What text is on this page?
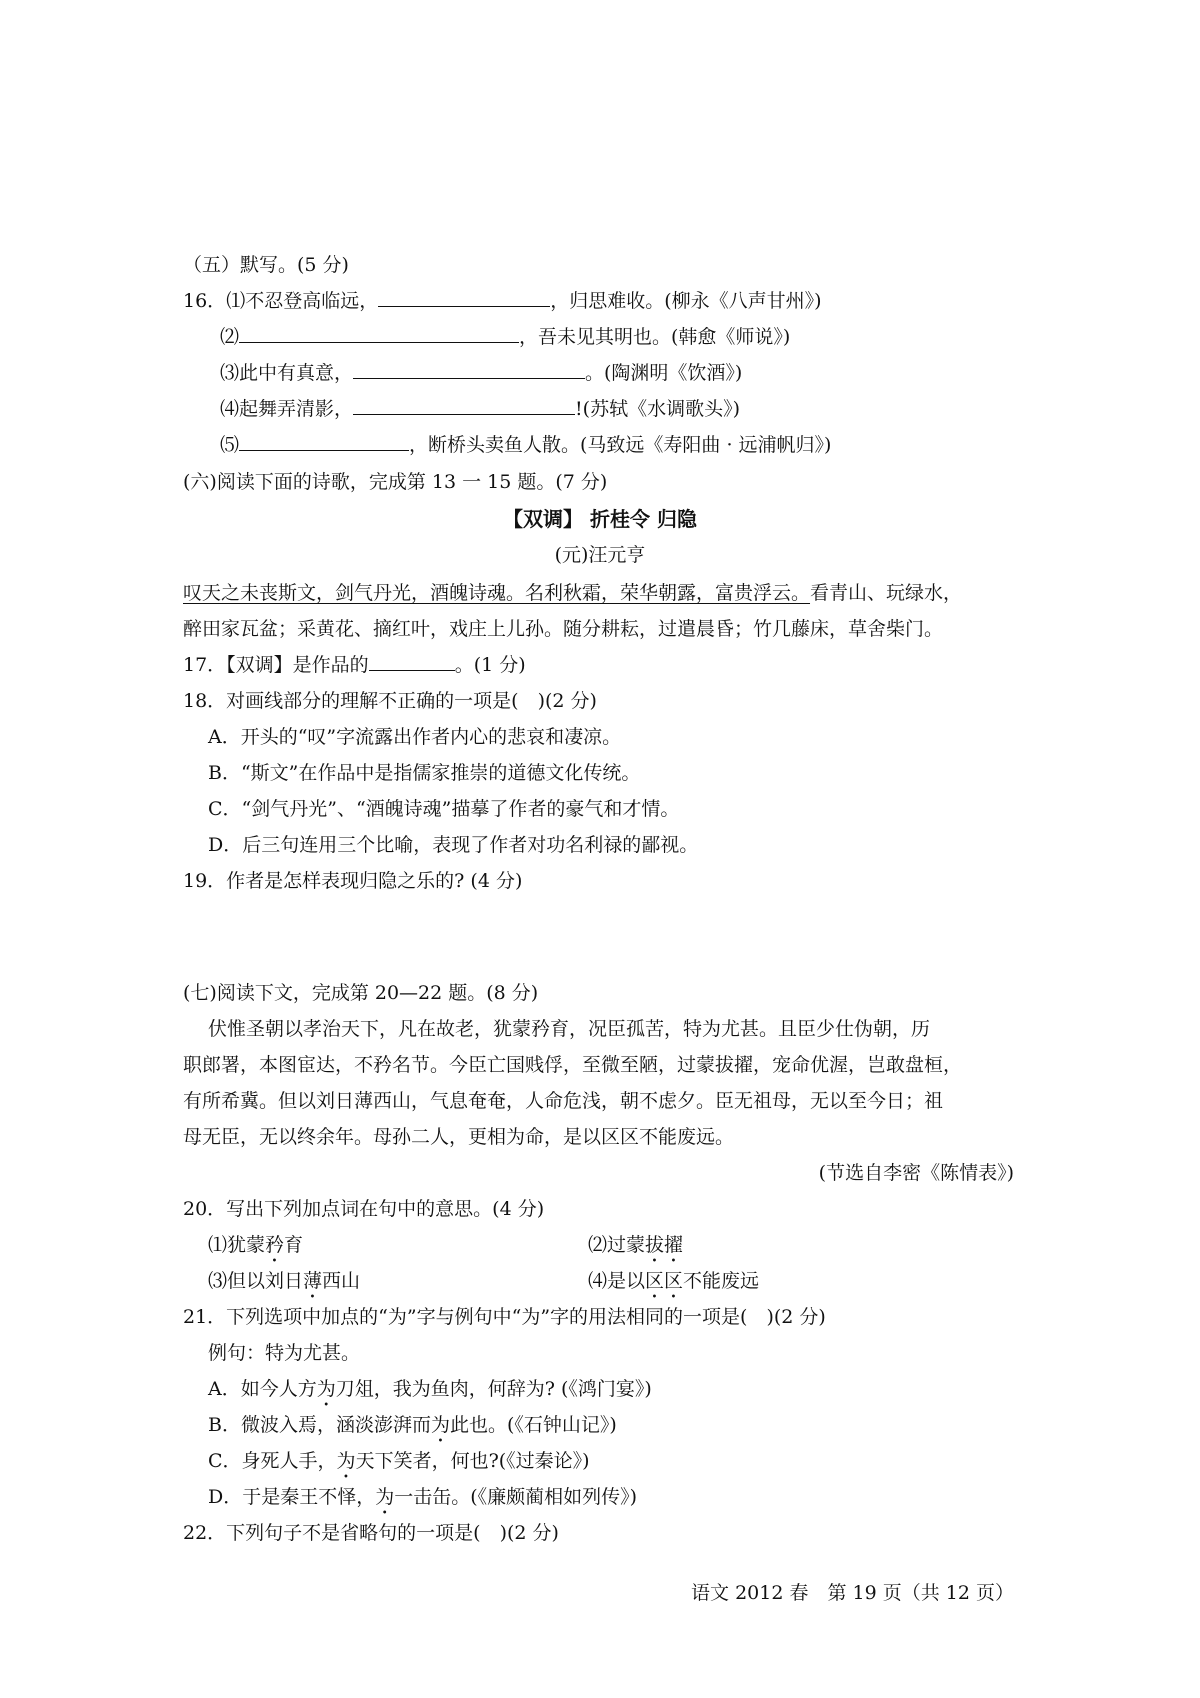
（五）默写。(5 分)
16．⑴不忍登高临远，	，归思难收。(柳永《八声甘州》)
⑵	，吾未见其明也。(韩愈《师说》)
⑶此中有真意，	。(陶渊明《饮酒》)
⑷起舞弄清影，	!(苏轼《水调歌头》)
⑸	，断桥头卖鱼人散。(马致远《寿阳曲 · 远浦帆归》)
(六)阅读下面的诗歌，完成第 13 一 15 题。(7 分)
【双调】 折桂令 归隐
(元)汪元亨
叹天之未丧斯文，剑气丹光，酒魄诗魂。名利秋霜，荣华朝露，富贵浮云。看青山、玩绿水，
醉田家瓦盆；采黄花、摘红叶，戏庄上儿孙。随分耕耘，过遣晨昏；竹几藤床，草舍柴门。
17．【双调】是作品的	。(1 分)
18．对画线部分的理解不正确的一项是(　)(2 分)
A．开头的“叹”字流露出作者内心的悲哀和凄凉。
B．“斯文”在作品中是指儒家推崇的道德文化传统。
C．“剑气丹光”、“酒魄诗魂”描摹了作者的豪气和才情。
D．后三句连用三个比喻，表现了作者对功名利禄的鄙视。
19．作者是怎样表现归隐之乐的? (4 分)
(七)阅读下文，完成第 20—22 题。(8 分)
伏惟圣朝以孝治天下，凡在故老，犹蒙矜育，况臣孤苦，特为尤甚。且臣少仕伪朝，历
职郎署，本图宦达，不矜名节。今臣亡国贱俘，至微至陋，过蒙拔擢，宠命优渥，岂敢盘桓，
有所希冀。但以刘日薄西山，气息奄奄，人命危浅，朝不虑夕。臣无祖母，无以至今日；祖
母无臣，无以终余年。母孙二人，更相为命，是以区区不能废远。
(节选自李密《陈情表》)
20．写出下列加点词在句中的意思。(4 分)
⑴犹蒙矜育	⑵过蒙拔擢
⑶但以刘日薄西山	⑷是以区区不能废远
21．下列选项中加点的“为”字与例句中“为”字的用法相同的一项是(　)(2 分)
例句：特为尤甚。
A．如今人方为刀俎，我为鱼肉，何辞为? (《鸿门宴》)
B．微波入焉，涵淡澎湃而为此也。(《石钟山记》)
C．身死人手，为天下笑者，何也?(《过秦论》)
D．于是秦王不怿，为一击缶。(《廉颇蔺相如列传》)
22．下列句子不是省略句的一项是(　)(2 分)
语文 2012 春　第 19 页（共 12 页）
